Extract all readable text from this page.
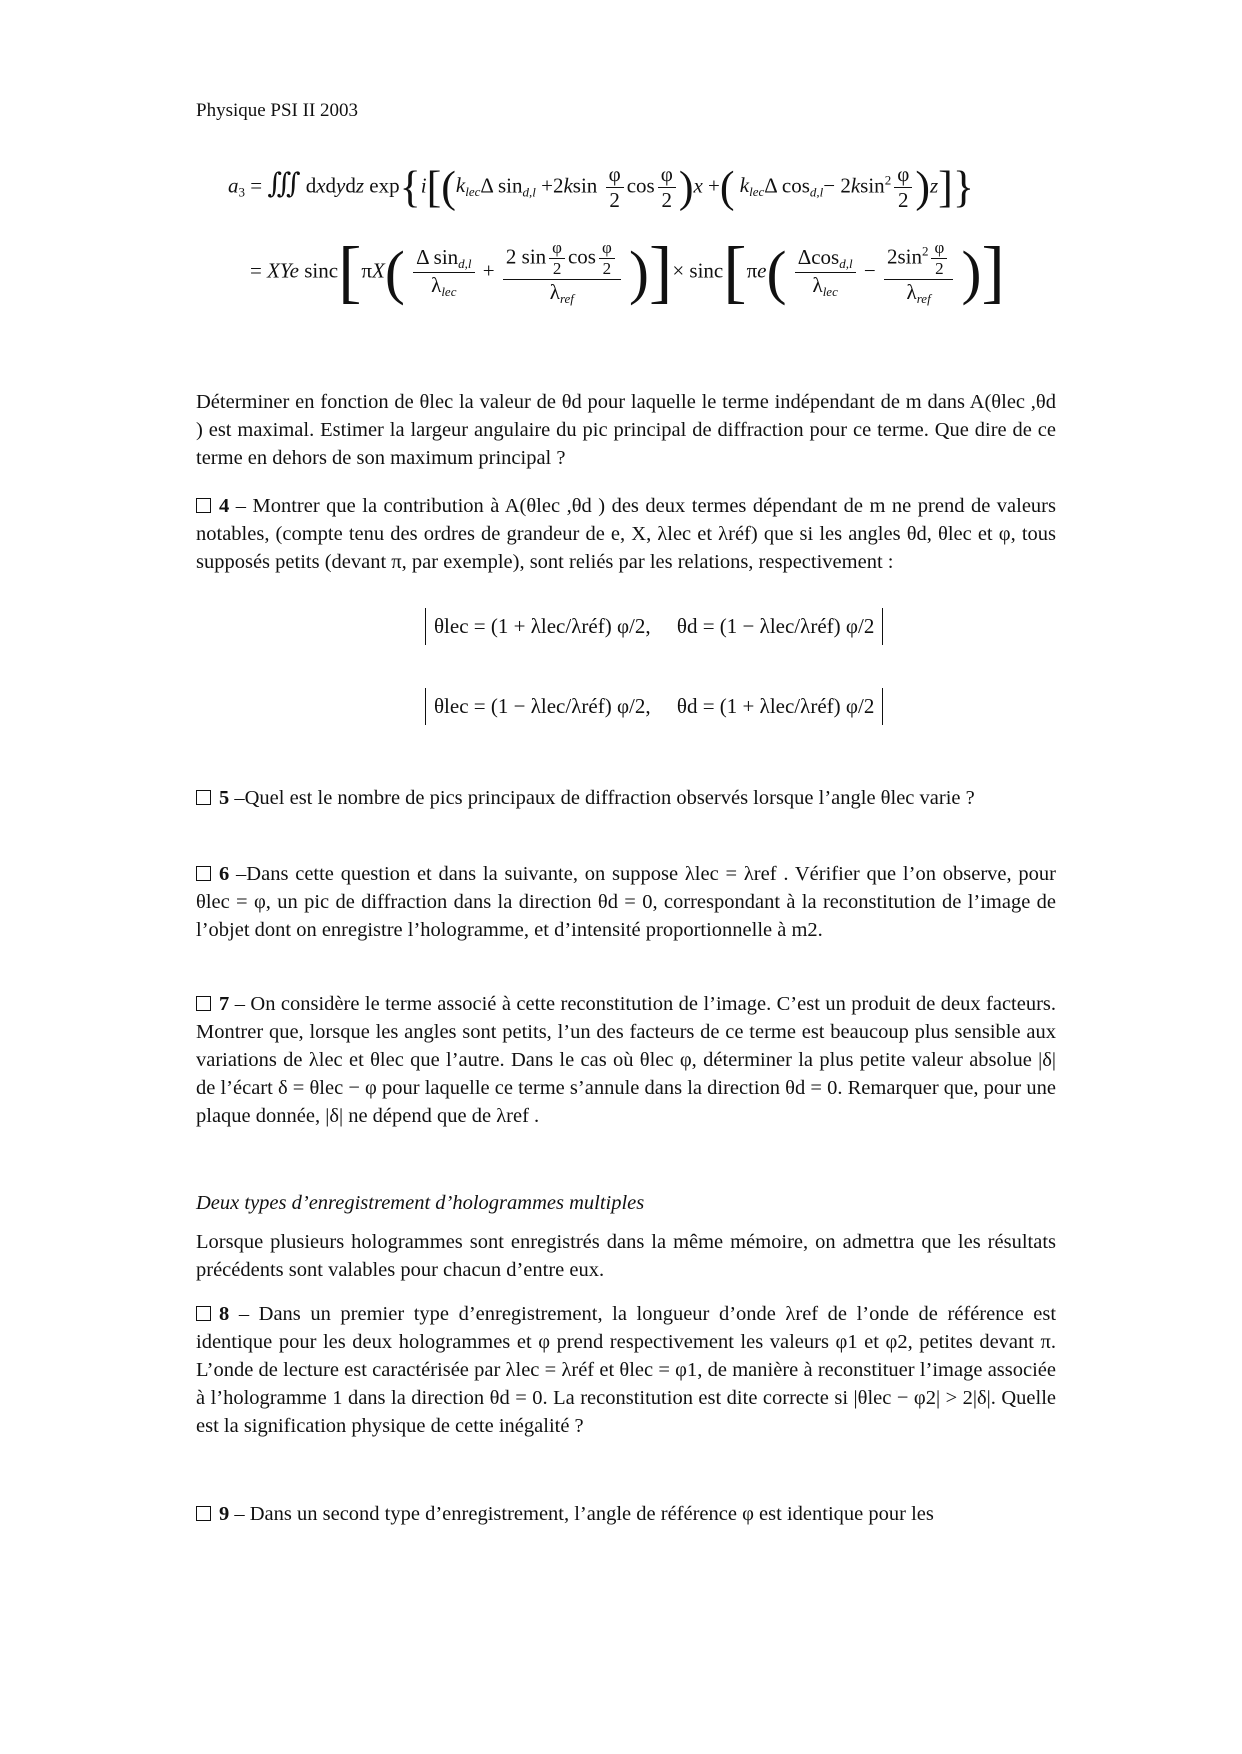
Physique PSI II 2003
$a_3$ = ∭ dxdydz $\exp\{i[(k_{lec}\Delta$ $\sin_{d,l} +2ksin \frac{\varphi}{2}$ $\cos \frac{\varphi}{2} )x$ +( $k_{lec}\Delta$ $\cos_{d,l}- 2ksin^2 \frac{\varphi}{2} )z$]}
= XYe $\sin c[\pi X( \frac{\Delta \sin_{d,l}}{\lambda_{lec}} + \frac{2 \sin \frac{\varphi}{2} \cos \frac{\varphi}{2}}{\lambda_{ref}}$ )]× $\sin c[\pi e( \frac{\Delta\cos_{d,l}}{\lambda_{lec}} - \frac{2\sin^2 \frac{\varphi}{2}}{\lambda_{ref}}$ )]
Déterminer en fonction de θlec la valeur de θd pour laquelle le terme indépendant de m dans A(θlec ,θd ) est maximal. Estimer la largeur angulaire du pic principal de diffraction pour ce terme. Que dire de ce terme en dehors de son maximum principal ?
4 – Montrer que la contribution à A(θlec ,θd ) des deux termes dépendant de m ne prend de valeurs notables, (compte tenu des ordres de grandeur de e, X, λlec et λréf) que si les angles θd, θlec et φ, tous supposés petits (devant π, par exemple), sont reliés par les relations, respectivement :
θlec = (1 + λlec/λréf) φ/2, θd = (1 − λlec/λréf) φ/2
θlec = (1 − λlec/λréf) φ/2, θd = (1 + λlec/λréf) φ/2
5 –Quel est le nombre de pics principaux de diffraction observés lorsque l’angle θlec varie ?
6 –Dans cette question et dans la suivante, on suppose λlec = λref . Vérifier que l’on observe, pour θlec = φ, un pic de diffraction dans la direction θd = 0, correspondant à la reconstitution de l’image de l’objet dont on enregistre l’hologramme, et d’intensité proportionnelle à m2.
7 – On considère le terme associé à cette reconstitution de l’image. C’est un produit de deux facteurs. Montrer que, lorsque les angles sont petits, l’un des facteurs de ce terme est beaucoup plus sensible aux variations de λlec et θlec que l’autre. Dans le cas où θlec φ, déterminer la plus petite valeur absolue |δ| de l’écart δ = θlec − φ pour laquelle ce terme s’annule dans la direction θd = 0. Remarquer que, pour une plaque donnée, |δ| ne dépend que de λref .
Deux types d’enregistrement d’hologrammes multiples
Lorsque plusieurs hologrammes sont enregistrés dans la même mémoire, on admettra que les résultats précédents sont valables pour chacun d’entre eux.
8 – Dans un premier type d’enregistrement, la longueur d’onde λref de l’onde de référence est identique pour les deux hologrammes et φ prend respectivement les valeurs φ1 et φ2, petites devant π. L’onde de lecture est caractérisée par λlec = λréf et θlec = φ1, de manière à reconstituer l’image associée à l’hologramme 1 dans la direction θd = 0. La reconstitution est dite correcte si |θlec − φ2| > 2|δ|. Quelle est la signification physique de cette inégalité ?
9 – Dans un second type d’enregistrement, l’angle de référence φ est identique pour les
